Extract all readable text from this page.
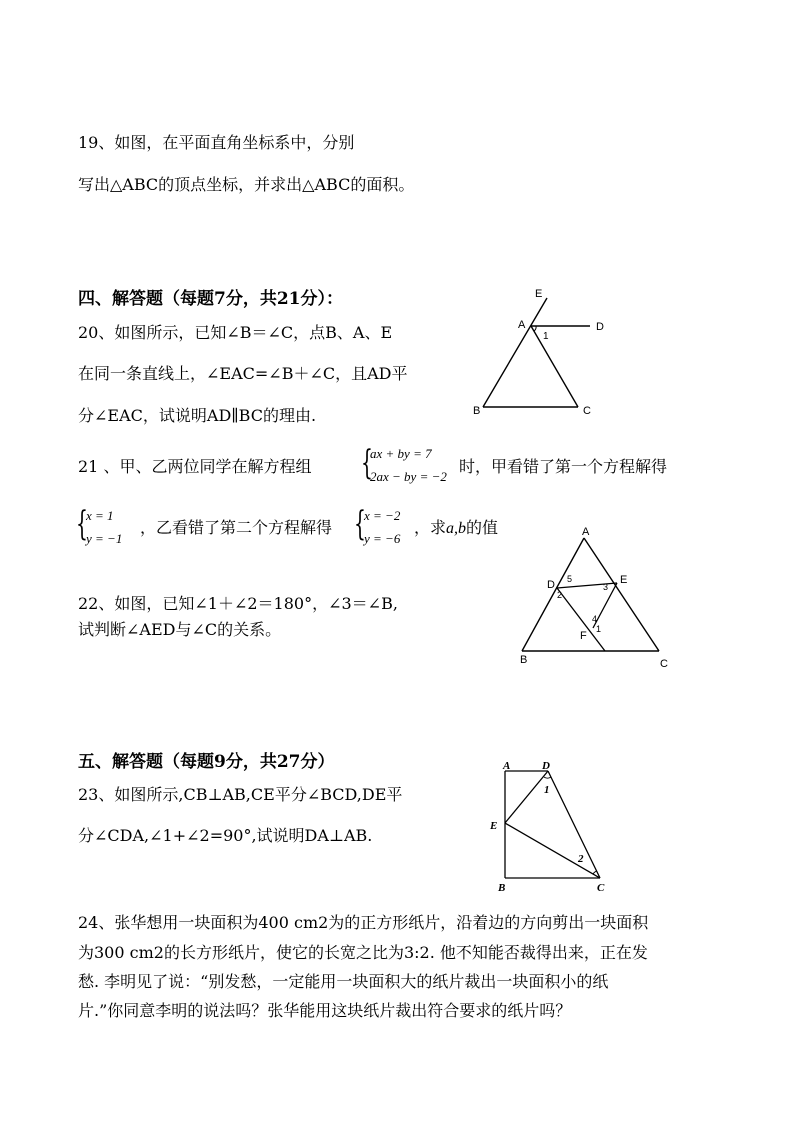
19、如图，在平面直角坐标系中，分别
写出△ABC的顶点坐标，并求出△ABC的面积。
四、解答题（每题7分，共21分）：
20、如图所示，已知∠B＝∠C，点B、A、E
在同一条直线上，∠EAC=∠B＋∠C，且AD平
分∠EAC，试说明AD∥BC的理由.
E
A	D
1
B	C
21 、甲、乙两位同学在解方程组 {
ax + by = 7
2ax − by = −2
时，甲看错了第一个方程解得
{
x = 1
y = −1
，乙看错了第二个方程解得 {
x = −2
y = −6
，求a,b的值
22、如图，已知∠1＋∠2＝180°，∠3＝∠B,
试判断∠AED与∠C的关系。
A
D 5
3
E
2
4
1
F
B	C
五、解答题（每题9分，共27分）
23、如图所示,CB⊥AB,CE平分∠BCD,DE平
分∠CDA,∠1+∠2=90°,试说明DA⊥AB.
A	D
1
E
2
B	C
24、张华想用一块面积为400 cm2为的正方形纸片，沿着边的方向剪出一块面积
为300 cm2的长方形纸片，使它的长宽之比为3:2. 他不知能否裁得出来，正在发
愁. 李明见了说：“别发愁，一定能用一块面积大的纸片裁出一块面积小的纸
片.”你同意李明的说法吗？张华能用这块纸片裁出符合要求的纸片吗？
